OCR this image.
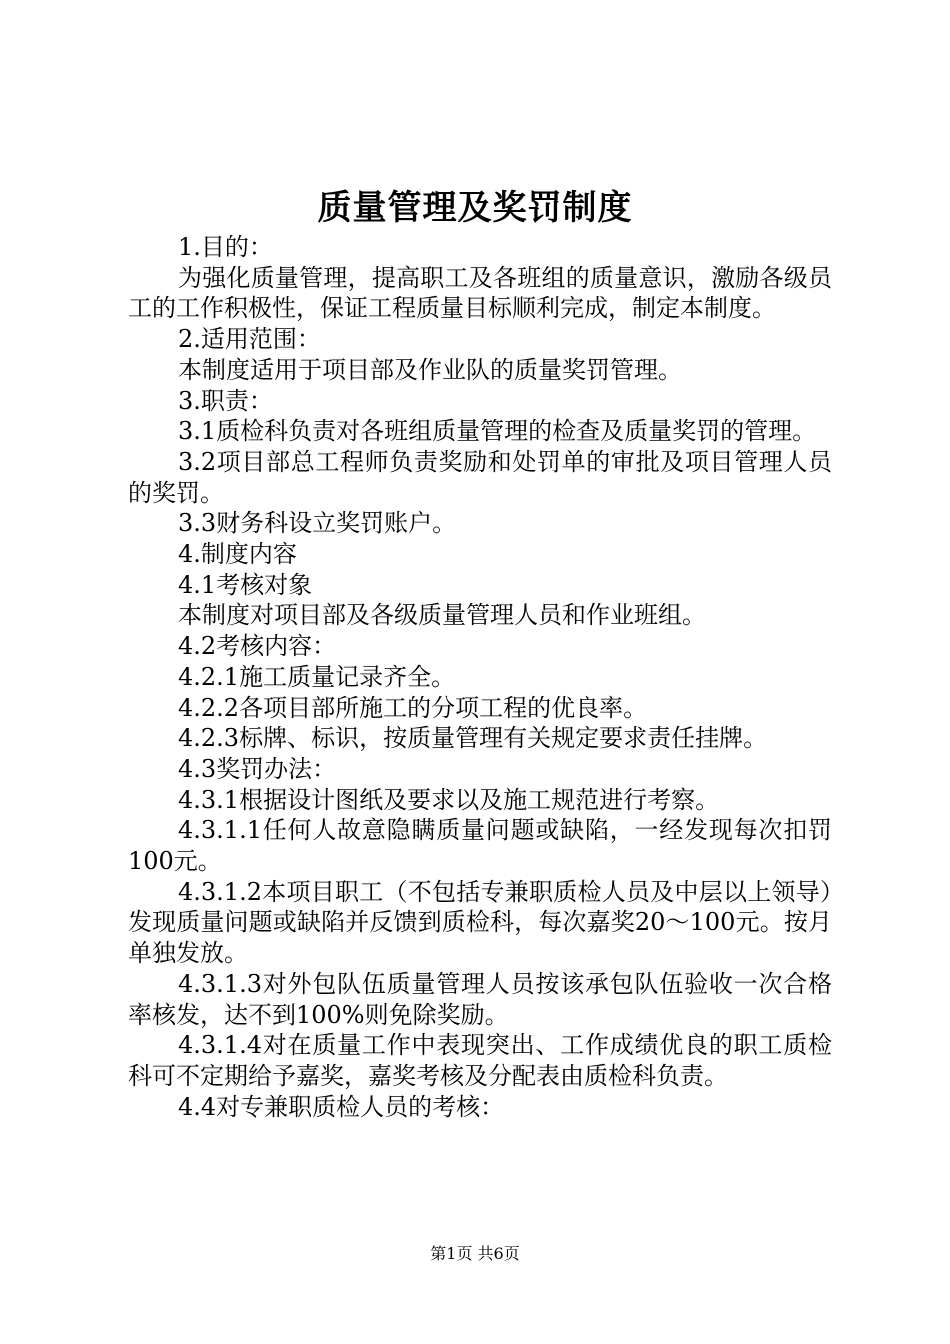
质量管理及奖罚制度

1.目的：

为强化质量管理，提高职工及各班组的质量意识，激励各级员工的工作积极性，保证工程质量目标顺利完成，制定本制度。

2.适用范围：

本制度适用于项目部及作业队的质量奖罚管理。

3.职责：

3.1质检科负责对各班组质量管理的检查及质量奖罚的管理。

3.2项目部总工程师负责奖励和处罚单的审批及项目管理人员的奖罚。

3.3财务科设立奖罚账户。

4.制度内容

4.1考核对象

本制度对项目部及各级质量管理人员和作业班组。

4.2考核内容：

4.2.1施工质量记录齐全。

4.2.2各项目部所施工的分项工程的优良率。

4.2.3标牌、标识，按质量管理有关规定要求责任挂牌。

4.3奖罚办法：

4.3.1根据设计图纸及要求以及施工规范进行考察。

4.3.1.1任何人故意隐瞒质量问题或缺陷，一经发现每次扣罚100元。

4.3.1.2本项目职工（不包括专兼职质检人员及中层以上领导）发现质量问题或缺陷并反馈到质检科，每次嘉奖20～100元。按月单独发放。

4.3.1.3对外包队伍质量管理人员按该承包队伍验收一次合格率核发，达不到100%则免除奖励。

4.3.1.4对在质量工作中表现突出、工作成绩优良的职工质检科可不定期给予嘉奖，嘉奖考核及分配表由质检科负责。

4.4对专兼职质检人员的考核：

第1页 共6页
